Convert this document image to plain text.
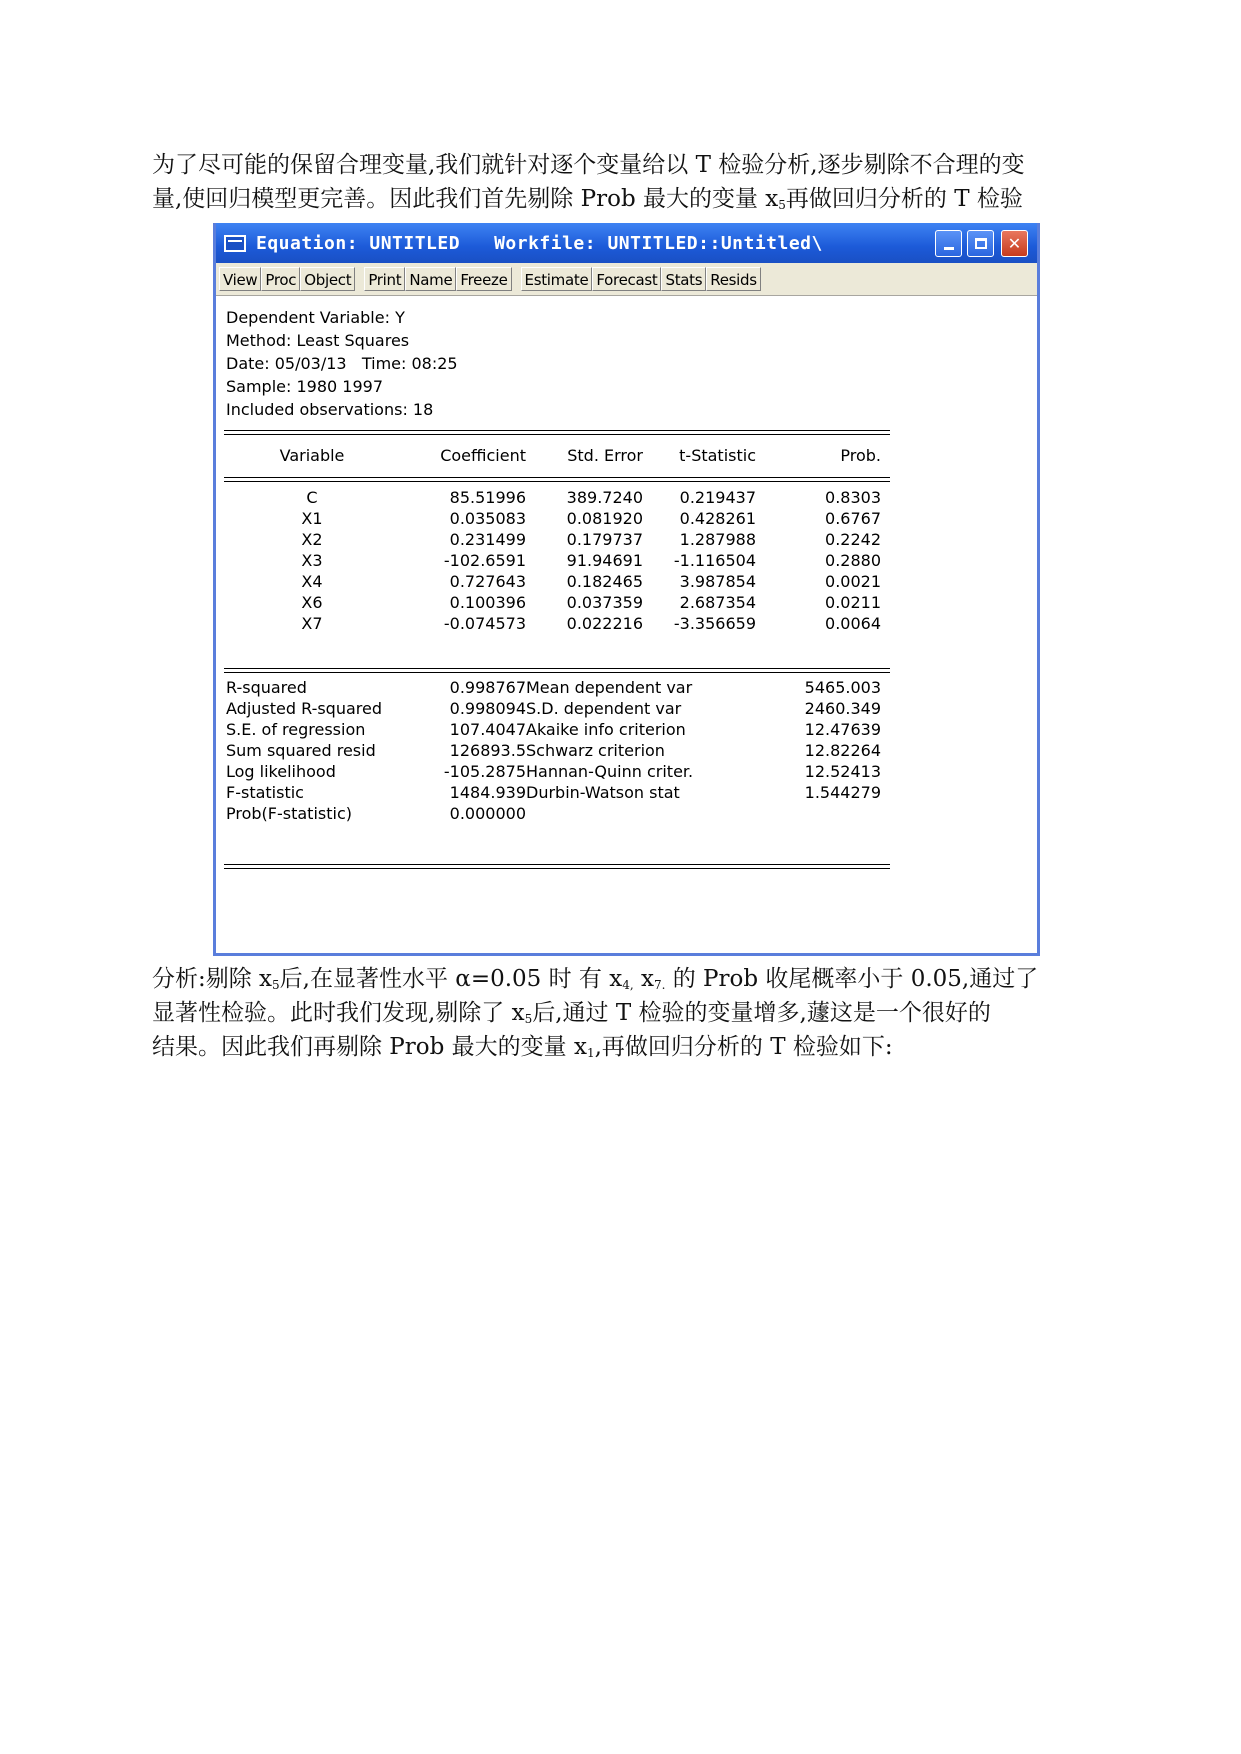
为了尽可能的保留合理变量,我们就针对逐个变量给以 T 检验分析,逐步剔除不合理的变
量,使回归模型更完善。因此我们首先剔除 Prob 最大的变量 $x_5$再做回归分析的 T 检验

Equation: UNTITLED   Workfile: UNTITLED::Untitled\	✕
View Proc Object Print Name Freeze Estimate Forecast Stats Resids
Dependent Variable: Y
Method: Least Squares
Date: 05/03/13   Time: 08:25
Sample: 1980 1997
Included observations: 18
Variable	Coefficient	Std. Error	t-Statistic	Prob.
C	85.51996	389.7240	0.219437	0.8303
X1	0.035083	0.081920	0.428261	0.6767
X2	0.231499	0.179737	1.287988	0.2242
X3	-102.6591	91.94691	-1.116504	0.2880
X4	0.727643	0.182465	3.987854	0.0021
X6	0.100396	0.037359	2.687354	0.0211
X7	-0.074573	0.022216	-3.356659	0.0064
R-squared	0.998767 Mean dependent var	5465.003
Adjusted R-squared	0.998094 S.D. dependent var	2460.349
S.E. of regression	107.4047 Akaike info criterion	12.47639
Sum squared resid	126893.5 Schwarz criterion	12.82264
Log likelihood	-105.2875 Hannan-Quinn criter.	12.52413
F-statistic	1484.939 Durbin-Watson stat	1.544279
Prob(F-statistic)	0.000000

分析:剔除 $x_5$后,在显著性水平 α=0.05 时 有 $x_{4,}$ $x_{7.}$ 的 Prob 收尾概率小于 0.05,通过了
显著性检验。此时我们发现,剔除了 $x_5$后,通过 T 检验的变量增多,蘧这是一个很好的
结果。因此我们再剔除 Prob 最大的变量 $x_1$,再做回归分析的 T 检验如下:
